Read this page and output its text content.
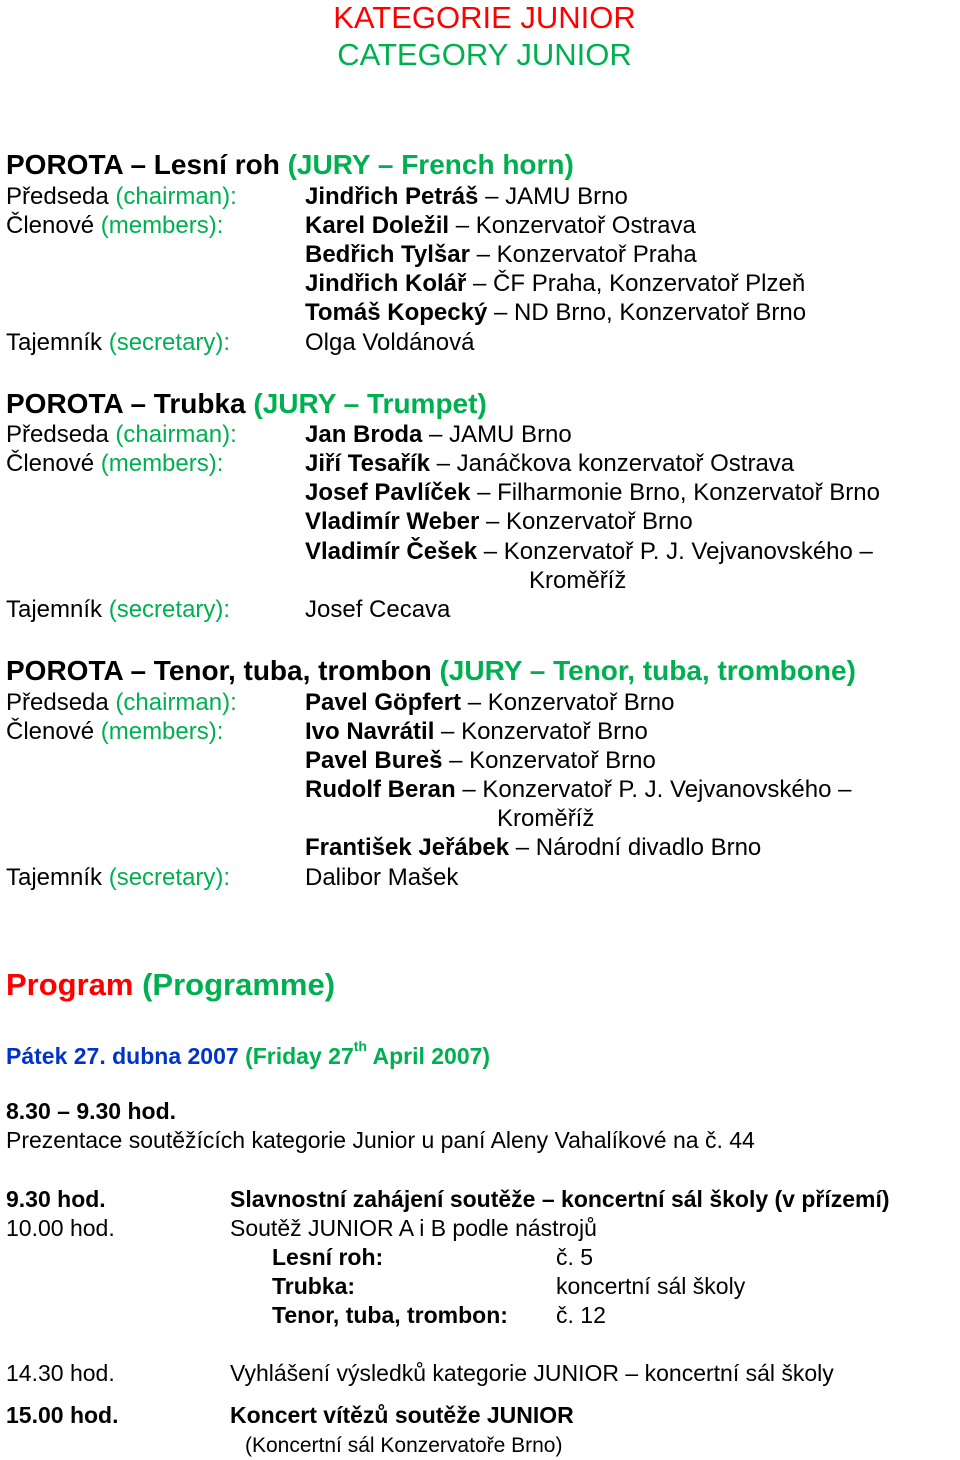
KATEGORIE JUNIOR
CATEGORY JUNIOR
POROTA – Lesní roh (JURY – French horn)
Předseda (chairman):	Jindřich Petráš – JAMU Brno
Členové (members):	Karel Doležil – Konzervatoř Ostrava
Bedřich Tylšar – Konzervatoř Praha
Jindřich Kolář – ČF Praha, Konzervatoř Plzeň
Tomáš Kopecký – ND Brno, Konzervatoř Brno
Tajemník (secretary):	Olga Voldánová
POROTA – Trubka (JURY – Trumpet)
Předseda (chairman):	Jan Broda – JAMU Brno
Členové (members):	Jiří Tesařík – Janáčkova konzervatoř Ostrava
Josef Pavlíček – Filharmonie Brno, Konzervatoř Brno
Vladimír Weber – Konzervatoř Brno
Vladimír Češek – Konzervatoř P. J. Vejvanovského –
Kroměříž
Tajemník (secretary):	Josef Cecava
POROTA – Tenor, tuba, trombon (JURY – Tenor, tuba, trombone)
Předseda (chairman):	Pavel Göpfert – Konzervatoř Brno
Členové (members):	Ivo Navrátil – Konzervatoř Brno
Pavel Bureš – Konzervatoř Brno
Rudolf Beran – Konzervatoř P. J. Vejvanovského –
Kroměříž
František Jeřábek – Národní divadlo Brno
Tajemník (secretary):	Dalibor Mašek
Program (Programme)
Pátek 27. dubna 2007 (Friday 27th April 2007)
8.30 – 9.30 hod.
Prezentace soutěžících kategorie Junior u paní Aleny Vahalíkové na č. 44
9.30 hod.	Slavnostní zahájení soutěže – koncertní sál školy (v přízemí)
10.00 hod.	Soutěž JUNIOR A i B podle nástrojů
Lesní roh:	č. 5
Trubka:	koncertní sál školy
Tenor, tuba, trombon: č. 12
14.30 hod.	Vyhlášení výsledků kategorie JUNIOR – koncertní sál školy
15.00 hod.	Koncert vítězů soutěže JUNIOR
(Koncertní sál Konzervatoře Brno)
